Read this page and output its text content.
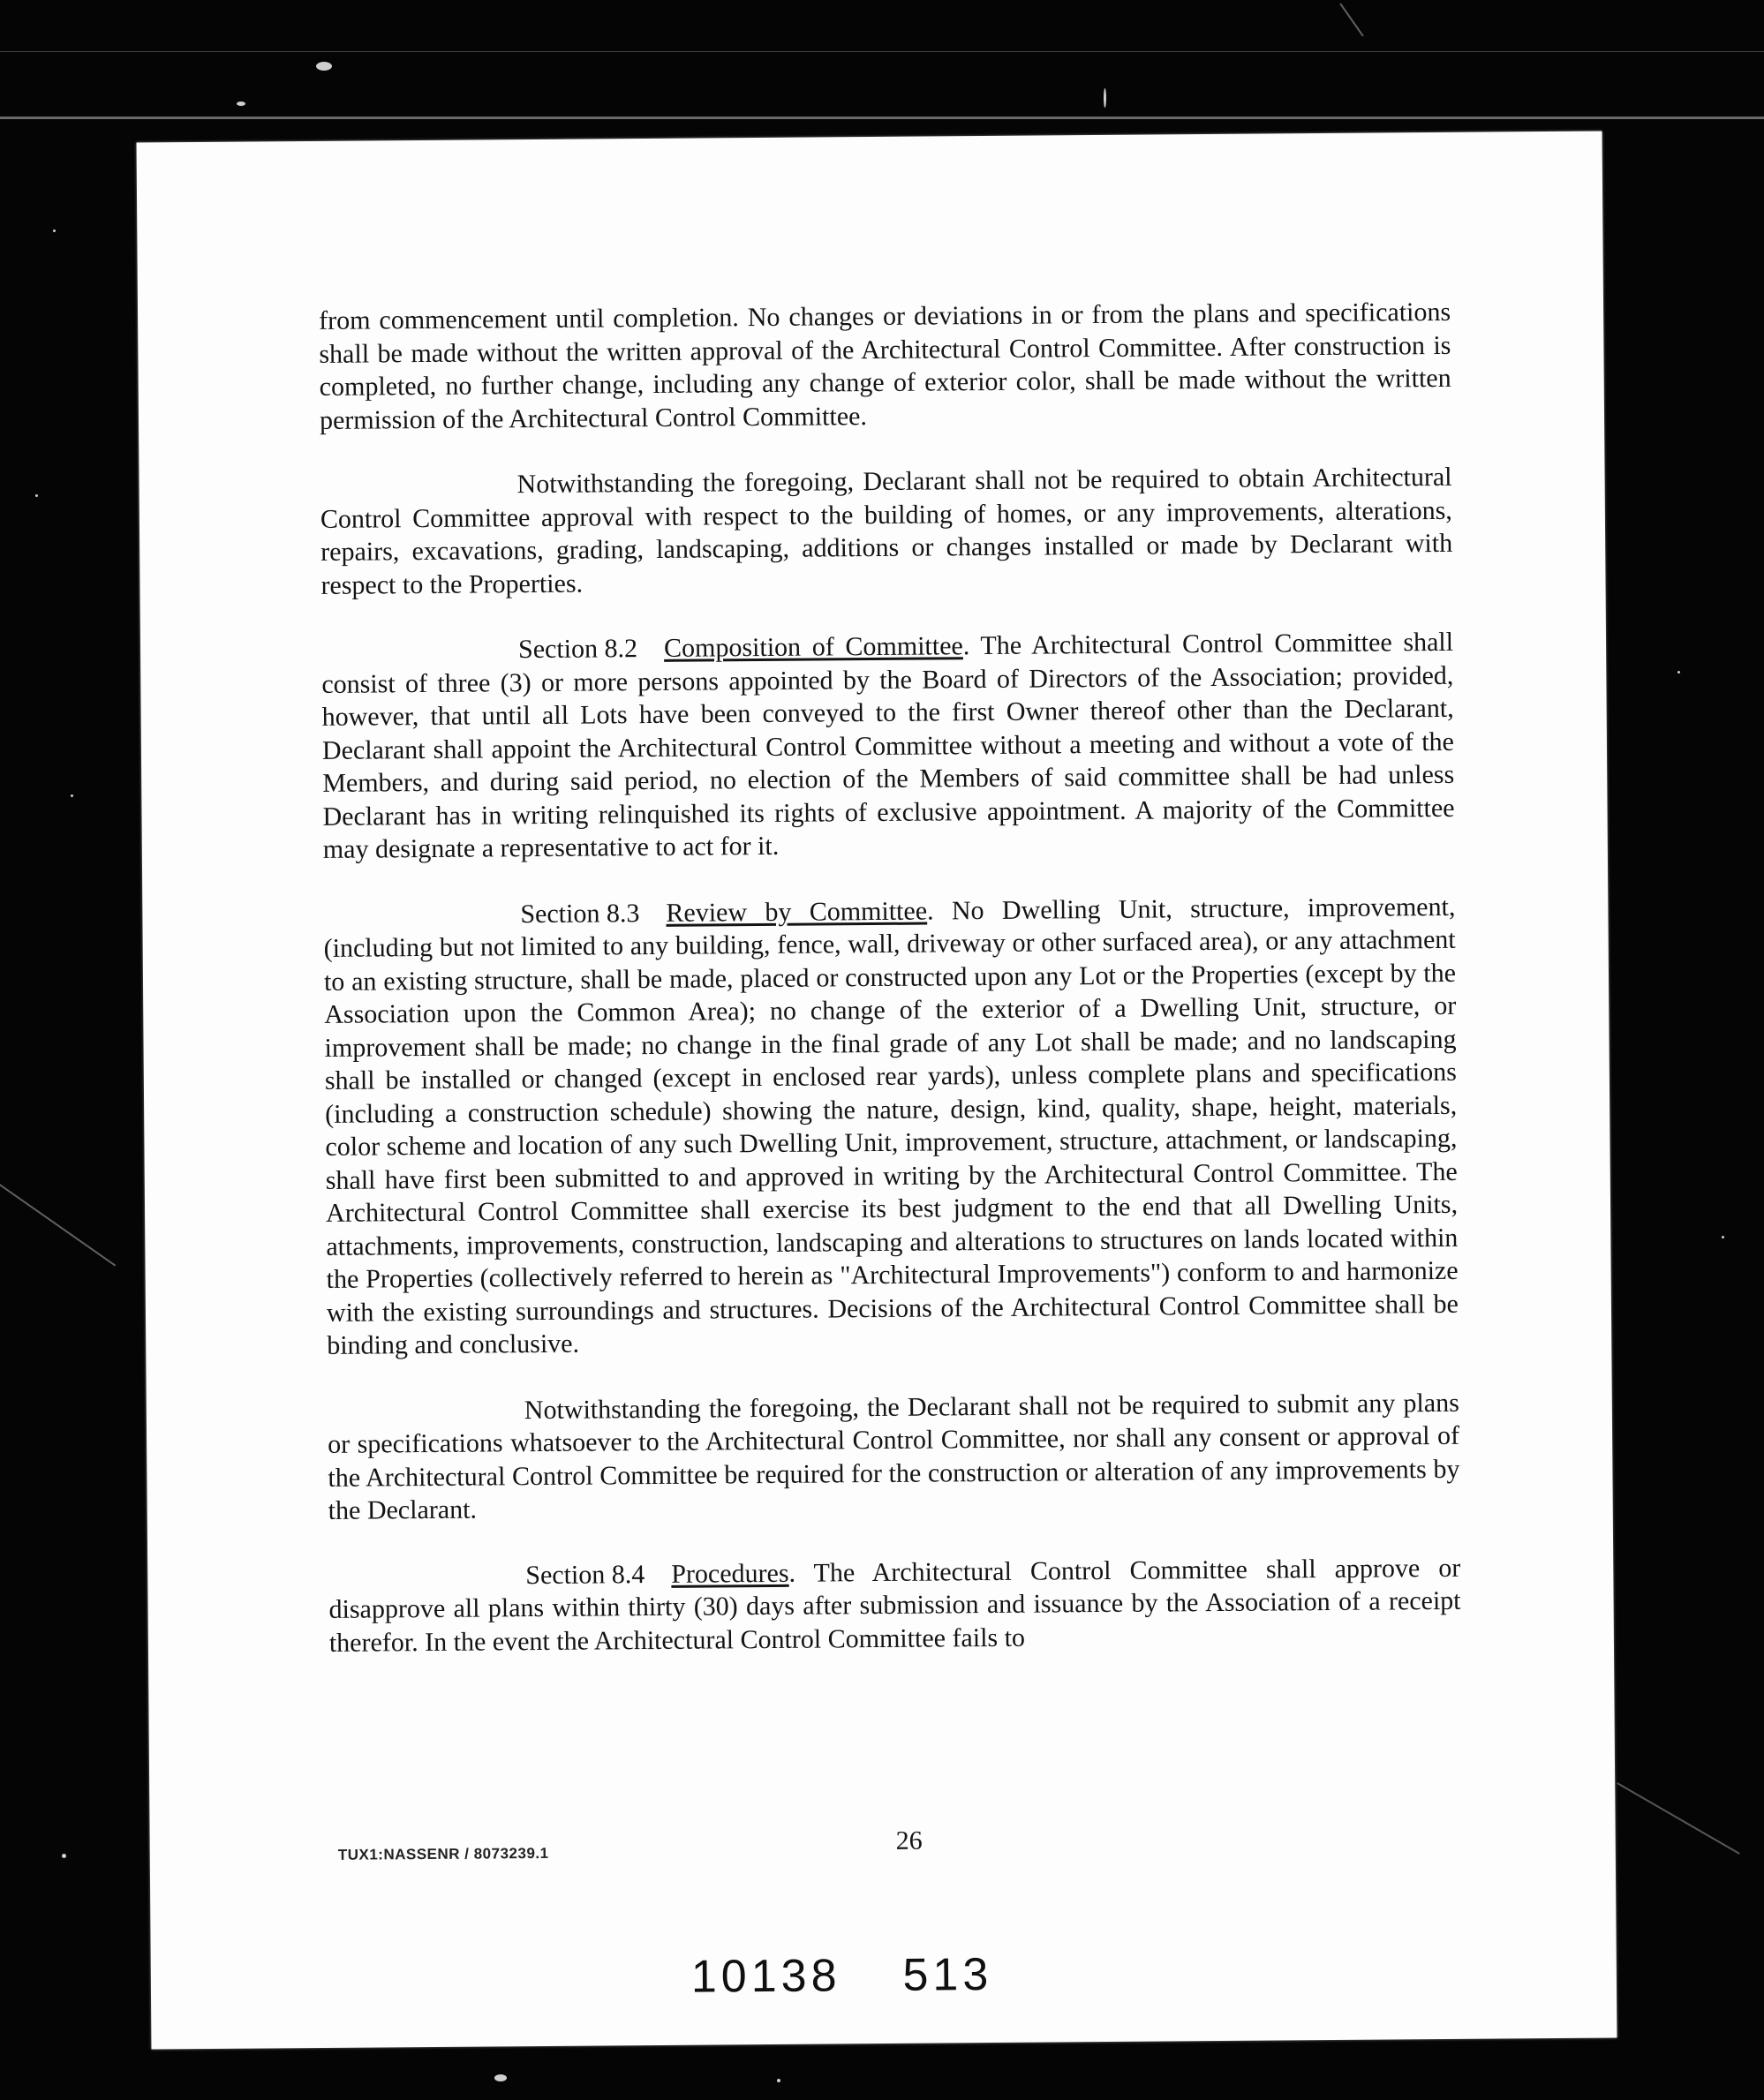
from commencement until completion. No changes or deviations in or from the plans and specifications shall be made without the written approval of the Architectural Control Committee. After construction is completed, no further change, including any change of exterior color, shall be made without the written permission of the Architectural Control Committee.

Notwithstanding the foregoing, Declarant shall not be required to obtain Architectural Control Committee approval with respect to the building of homes, or any improvements, alterations, repairs, excavations, grading, landscaping, additions or changes installed or made by Declarant with respect to the Properties.

Section 8.2 Composition of Committee. The Architectural Control Committee shall consist of three (3) or more persons appointed by the Board of Directors of the Association; provided, however, that until all Lots have been conveyed to the first Owner thereof other than the Declarant, Declarant shall appoint the Architectural Control Committee without a meeting and without a vote of the Members, and during said period, no election of the Members of said committee shall be had unless Declarant has in writing relinquished its rights of exclusive appointment. A majority of the Committee may designate a representative to act for it.

Section 8.3 Review by Committee. No Dwelling Unit, structure, improvement, (including but not limited to any building, fence, wall, driveway or other surfaced area), or any attachment to an existing structure, shall be made, placed or constructed upon any Lot or the Properties (except by the Association upon the Common Area); no change of the exterior of a Dwelling Unit, structure, or improvement shall be made; no change in the final grade of any Lot shall be made; and no landscaping shall be installed or changed (except in enclosed rear yards), unless complete plans and specifications (including a construction schedule) showing the nature, design, kind, quality, shape, height, materials, color scheme and location of any such Dwelling Unit, improvement, structure, attachment, or landscaping, shall have first been submitted to and approved in writing by the Architectural Control Committee. The Architectural Control Committee shall exercise its best judgment to the end that all Dwelling Units, attachments, improvements, construction, landscaping and alterations to structures on lands located within the Properties (collectively referred to herein as "Architectural Improvements") conform to and harmonize with the existing surroundings and structures. Decisions of the Architectural Control Committee shall be binding and conclusive.

Notwithstanding the foregoing, the Declarant shall not be required to submit any plans or specifications whatsoever to the Architectural Control Committee, nor shall any consent or approval of the Architectural Control Committee be required for the construction or alteration of any improvements by the Declarant.

Section 8.4 Procedures. The Architectural Control Committee shall approve or disapprove all plans within thirty (30) days after submission and issuance by the Association of a receipt therefor. In the event the Architectural Control Committee fails to

TUX1:NASSENR / 8073239.1	26
10138 513
